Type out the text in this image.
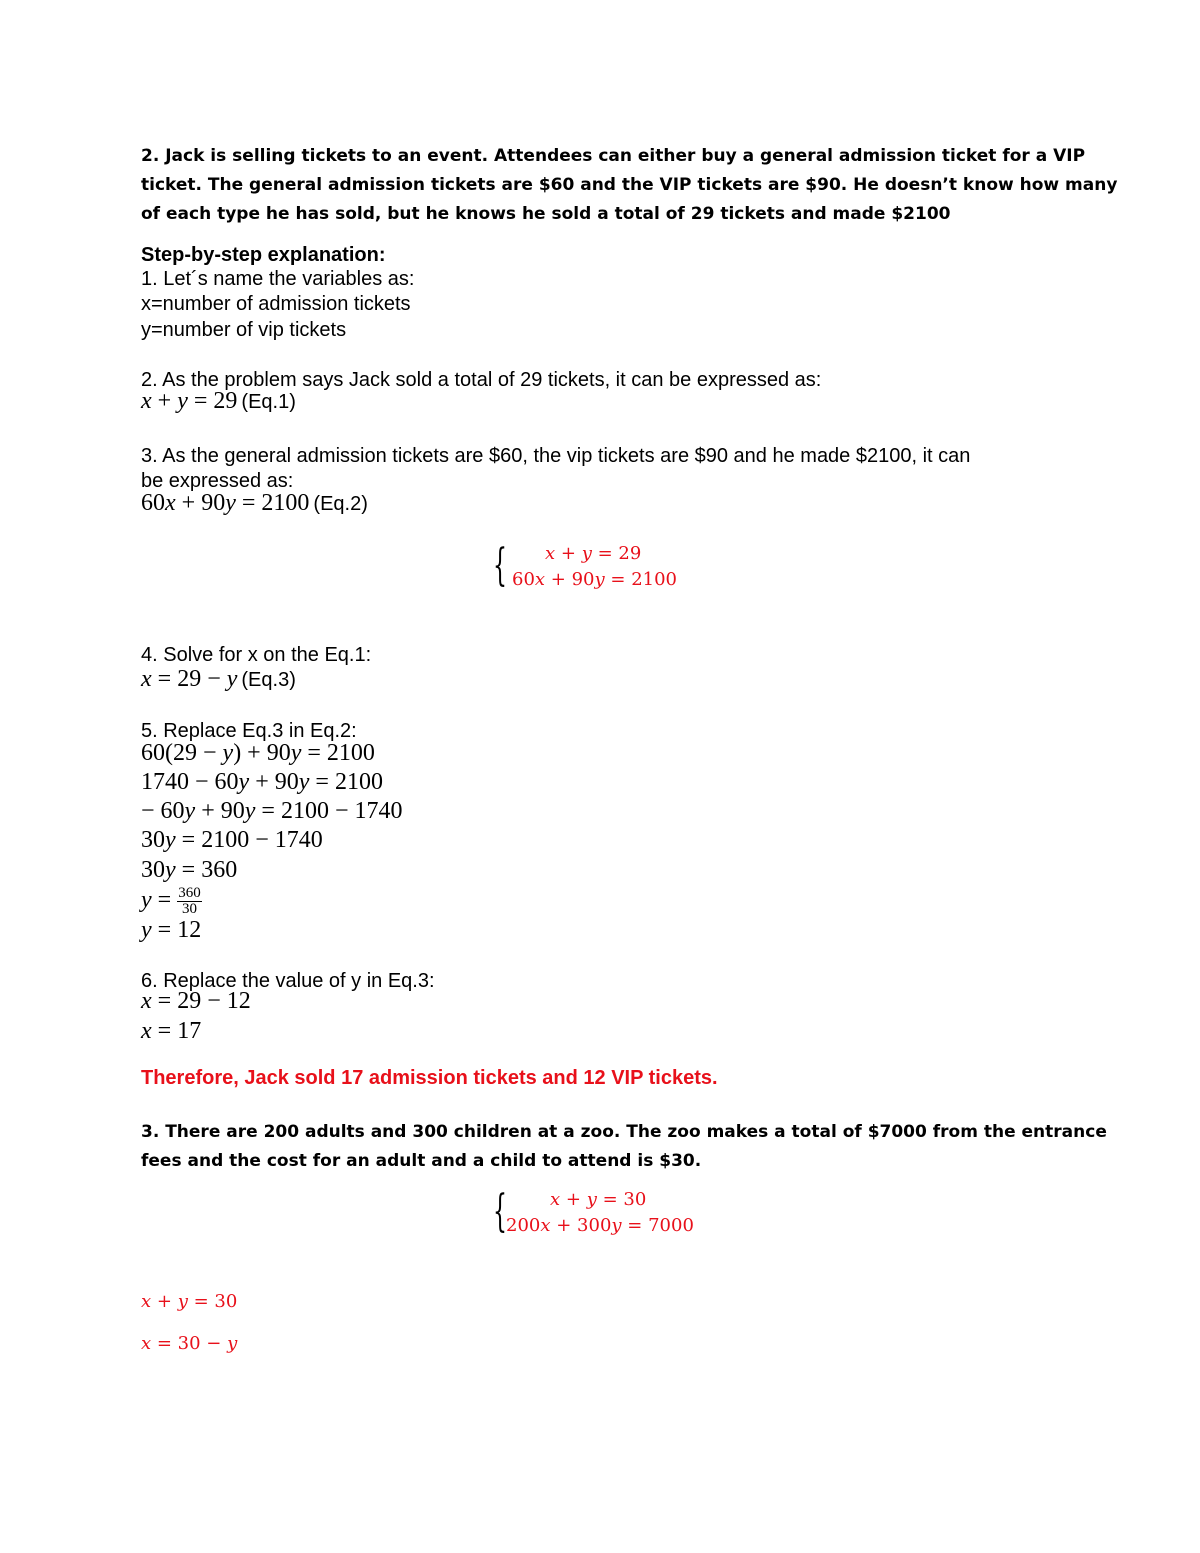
2. Jack is selling tickets to an event. Attendees can either buy a general admission ticket for a VIP
ticket. The general admission tickets are $60 and the VIP tickets are $90. He doesn’t know how many
of each type he has sold, but he knows he sold a total of 29 tickets and made $2100
Step-by-step explanation:
1. Let´s name the variables as:
x=number of admission tickets
y=number of vip tickets
2. As the problem says Jack sold a total of 29 tickets, it can be expressed as:
x + y = 29 (Eq.1)
3. As the general admission tickets are $60, the vip tickets are $90 and he made $2100, it can
be expressed as:
60x + 90y = 2100 (Eq.2)
{ x + y = 29
60x + 90y = 2100
4. Solve for x on the Eq.1:
x = 29 − y (Eq.3)
5. Replace Eq.3 in Eq.2:
60(29 − y) + 90y = 2100
1740 − 60y + 90y = 2100
− 60y + 90y = 2100 − 1740
30y = 2100 − 1740
30y = 360
$y = \frac{360}{30}$
y = 12
6. Replace the value of y in Eq.3:
x = 29 − 12
x = 17
Therefore, Jack sold 17 admission tickets and 12 VIP tickets.
3. There are 200 adults and 300 children at a zoo. The zoo makes a total of $7000 from the entrance
fees and the cost for an adult and a child to attend is $30.
{ x + y = 30
200x + 300y = 7000
x + y = 30
x = 30 − y
